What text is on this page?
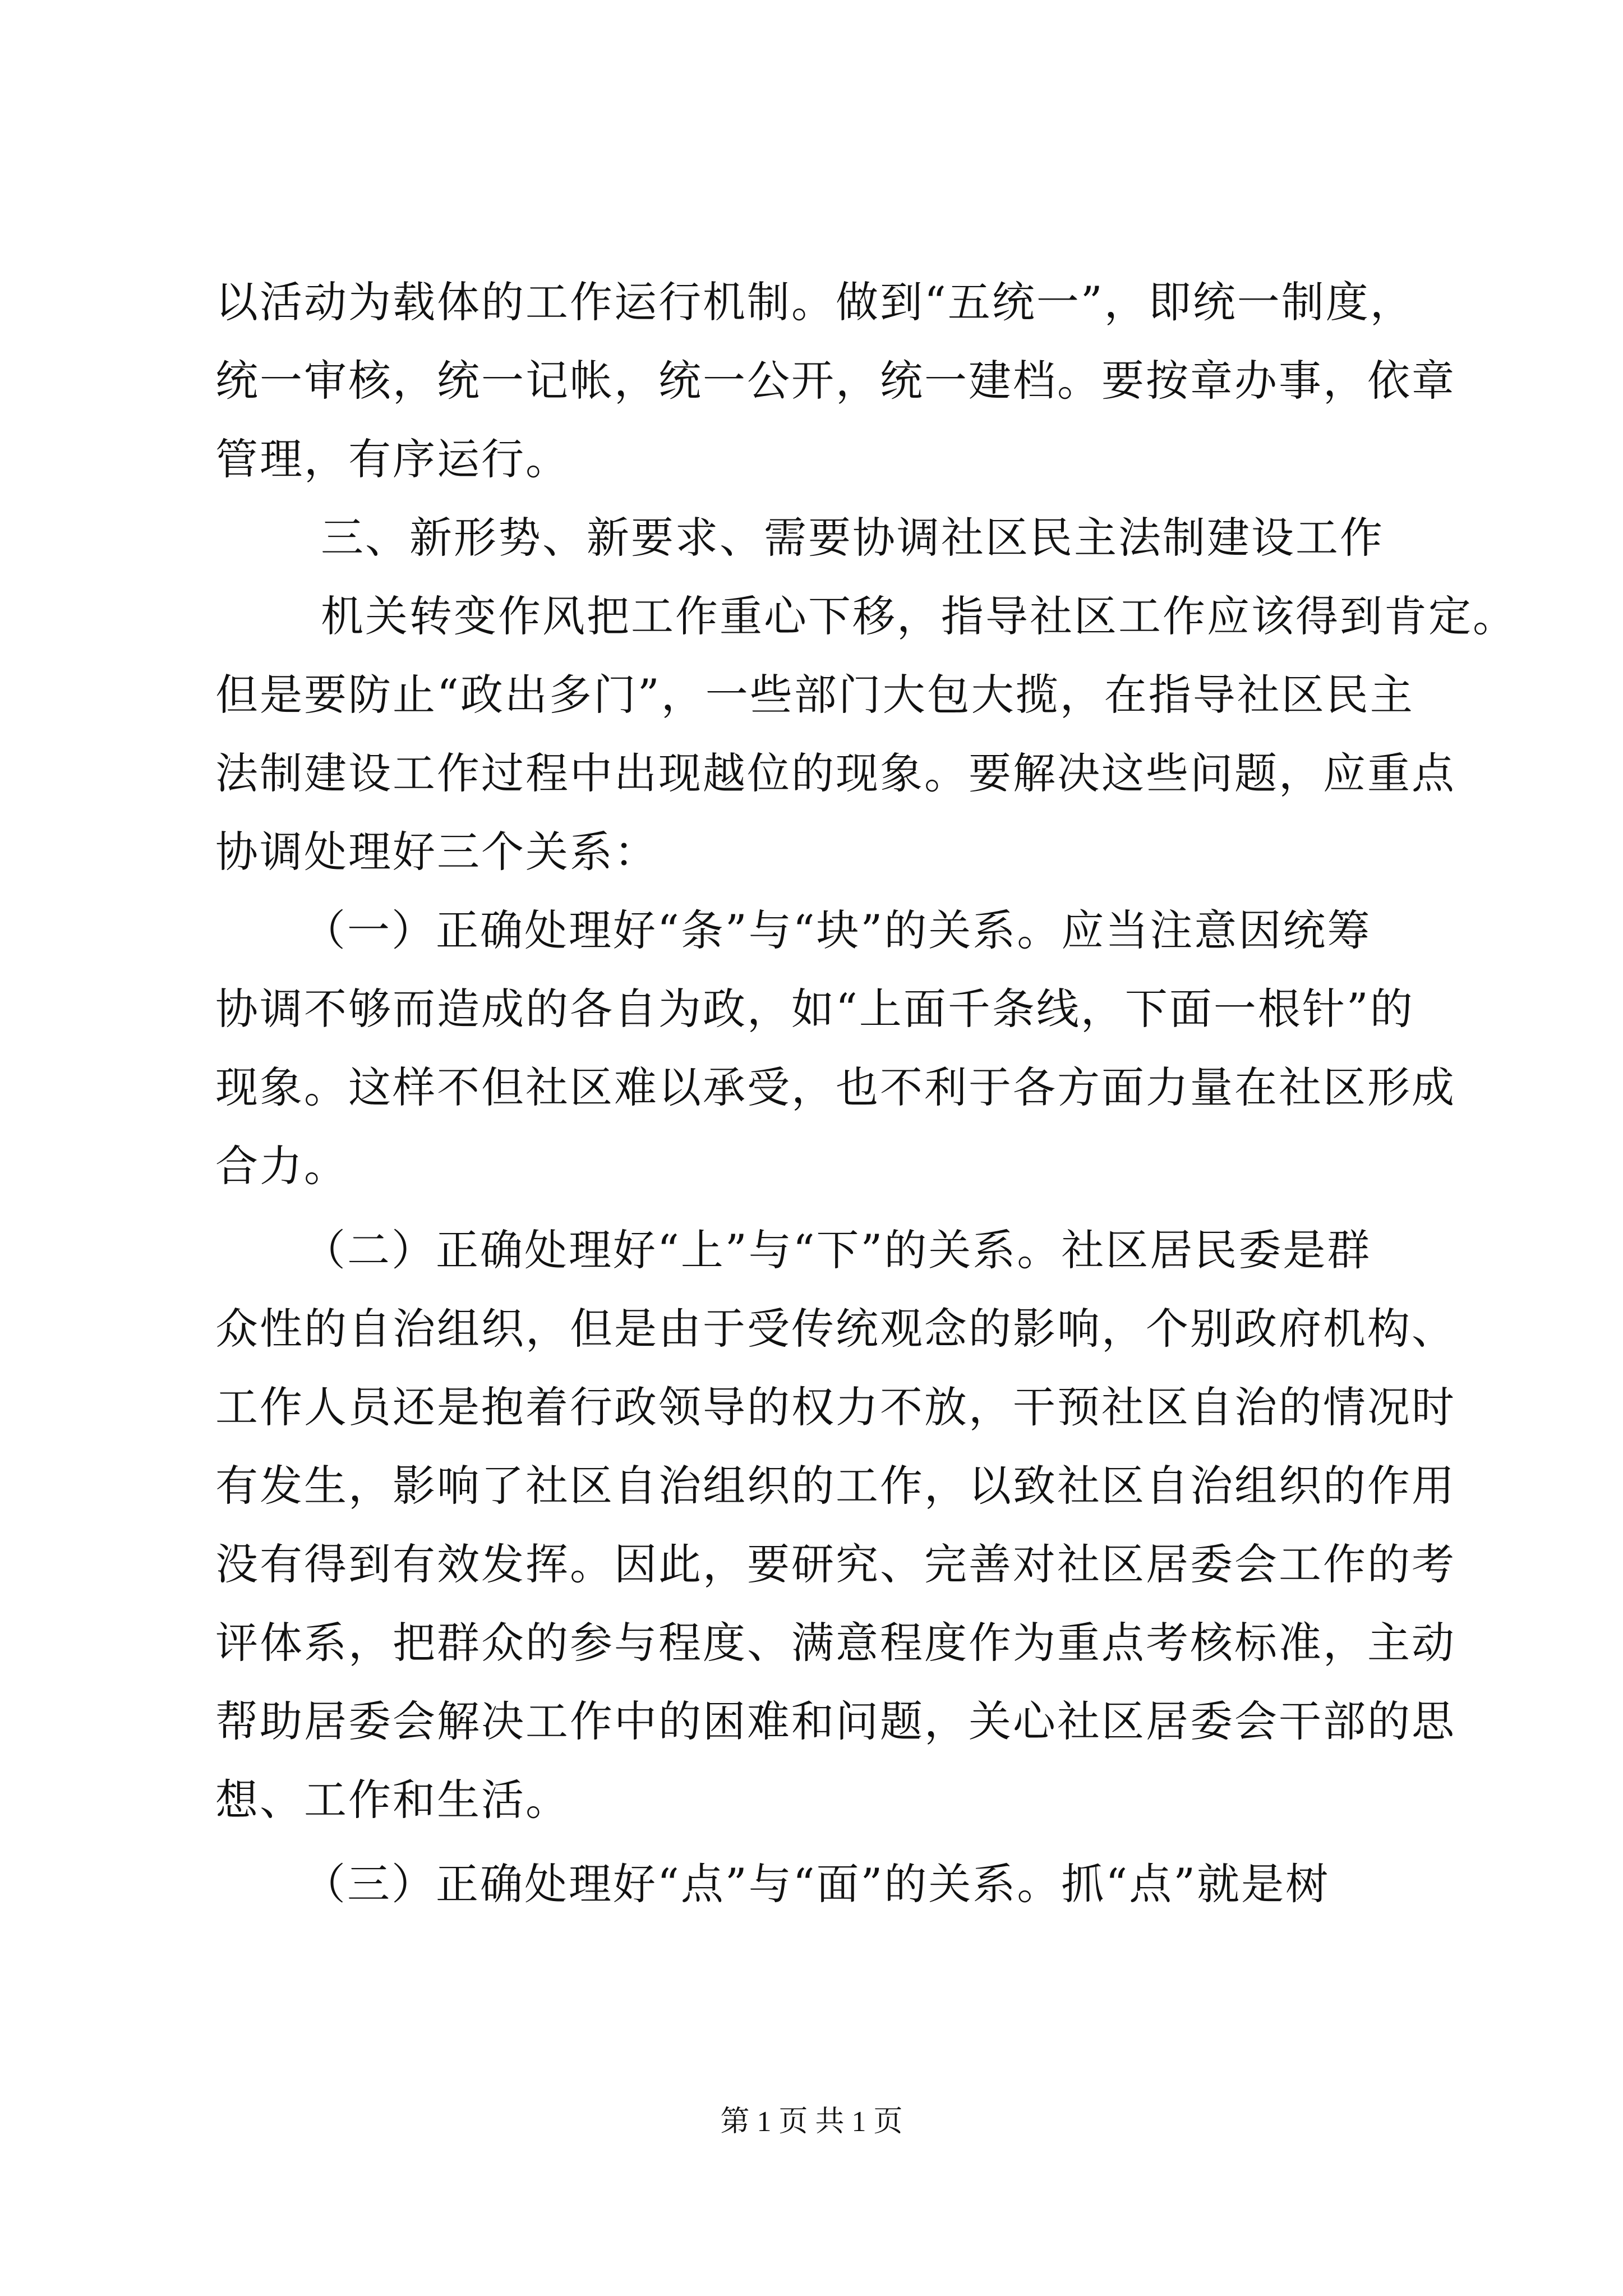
以活动为载体的工作运行机制。做到“五统一”，即统一制度，
统一审核，统一记帐，统一公开，统一建档。要按章办事，依章
管理，有序运行。
三、新形势、新要求、需要协调社区民主法制建设工作
机关转变作风把工作重心下移，指导社区工作应该得到肯定。
但是要防止“政出多门”，一些部门大包大揽，在指导社区民主
法制建设工作过程中出现越位的现象。要解决这些问题，应重点
协调处理好三个关系：
（一）正确处理好“条”与“块”的关系。应当注意因统筹
协调不够而造成的各自为政，如“上面千条线，下面一根针”的
现象。这样不但社区难以承受，也不利于各方面力量在社区形成
合力。
（二）正确处理好“上”与“下”的关系。社区居民委是群
众性的自治组织，但是由于受传统观念的影响，个别政府机构、
工作人员还是抱着行政领导的权力不放，干预社区自治的情况时
有发生，影响了社区自治组织的工作，以致社区自治组织的作用
没有得到有效发挥。因此，要研究、完善对社区居委会工作的考
评体系，把群众的参与程度、满意程度作为重点考核标准，主动
帮助居委会解决工作中的困难和问题，关心社区居委会干部的思
想、工作和生活。
（三）正确处理好“点”与“面”的关系。抓“点”就是树
第 1 页 共 1 页
